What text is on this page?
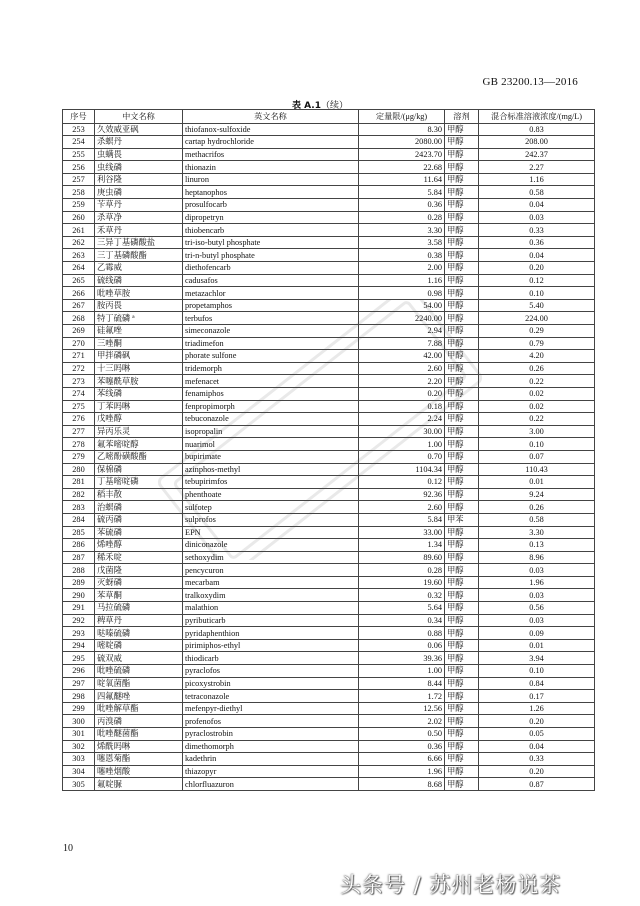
GB 23200.13—2016
表 A.1（续）
序号	中文名称	英文名称	定量限/(μg/kg)	溶剂	混合标准溶液浓度/(mg/L)
253	久效威亚砜	thiofanox-sulfoxide	8.30	甲醇	0.83
254	杀螟丹	cartap hydrochloride	2080.00	甲醇	208.00
255	虫螨畏	methacrifos	2423.70	甲醇	242.37
256	虫线磷	thionazin	22.68	甲醇	2.27
257	利谷隆	linuron	11.64	甲醇	1.16
258	庚虫磷	heptanophos	5.84	甲醇	0.58
259	苄草丹	prosulfocarb	0.36	甲醇	0.04
260	杀草净	dipropetryn	0.28	甲醇	0.03
261	禾草丹	thiobencarb	3.30	甲醇	0.33
262	三异丁基磷酸盐	tri-iso-butyl phosphate	3.58	甲醇	0.36
263	三丁基磷酸酯	tri-n-butyl phosphate	0.38	甲醇	0.04
264	乙霉威	diethofencarb	2.00	甲醇	0.20
265	硫线磷	cadusafos	1.16	甲醇	0.12
266	吡唑草胺	metazachlor	0.98	甲醇	0.10
267	胺丙畏	propetamphos	54.00	甲醇	5.40
268	特丁硫磷 ª	terbufos	2240.00	甲醇	224.00
269	硅氟唑	simeconazole	2.94	甲醇	0.29
270	三唑酮	triadimefon	7.88	甲醇	0.79
271	甲拌磷砜	phorate sulfone	42.00	甲醇	4.20
272	十三吗啉	tridemorph	2.60	甲醇	0.26
273	苯噻酰草胺	mefenacet	2.20	甲醇	0.22
274	苯线磷	fenamiphos	0.20	甲醇	0.02
275	丁苯吗啉	fenpropimorph	0.18	甲醇	0.02
276	戊唑醇	tebuconazole	2.24	甲醇	0.22
277	异丙乐灵	isopropalin	30.00	甲醇	3.00
278	氟苯嘧啶醇	nuarimol	1.00	甲醇	0.10
279	乙嘧酚磺酸酯	bupirimate	0.70	甲醇	0.07
280	保棉磷	azinphos-methyl	1104.34	甲醇	110.43
281	丁基嘧啶磷	tebupirimfos	0.12	甲醇	0.01
282	稻丰散	phenthoate	92.36	甲醇	9.24
283	治螟磷	sulfotep	2.60	甲醇	0.26
284	硫丙磷	sulprofos	5.84	甲苯	0.58
285	苯硫磷	EPN	33.00	甲醇	3.30
286	烯唑醇	diniconazole	1.34	甲醇	0.13
287	稀禾啶	sethoxydim	89.60	甲醇	8.96
288	戊菌隆	pencycuron	0.28	甲醇	0.03
289	灭蚜磷	mecarbam	19.60	甲醇	1.96
290	苯草酮	tralkoxydim	0.32	甲醇	0.03
291	马拉硫磷	malathion	5.64	甲醇	0.56
292	稗草丹	pyributicarb	0.34	甲醇	0.03
293	哒嗪硫磷	pyridaphenthion	0.88	甲醇	0.09
294	嘧啶磷	pirimiphos-ethyl	0.06	甲醇	0.01
295	硫双威	thiodicarb	39.36	甲醇	3.94
296	吡唑硫磷	pyraclofos	1.00	甲醇	0.10
297	啶氧菌酯	picoxystrobin	8.44	甲醇	0.84
298	四氟醚唑	tetraconazole	1.72	甲醇	0.17
299	吡唑解草酯	mefenpyr-diethyl	12.56	甲醇	1.26
300	丙溴磷	profenofos	2.02	甲醇	0.20
301	吡唑醚菌酯	pyraclostrobin	0.50	甲醇	0.05
302	烯酰吗啉	dimethomorph	0.36	甲醇	0.04
303	噻恩菊酯	kadethrin	6.66	甲醇	0.33
304	噻唑烟酸	thiazopyr	1.96	甲醇	0.20
305	氟啶脲	chlorfluazuron	8.68	甲醇	0.87
10
头条号 / 苏州老杨说茶
